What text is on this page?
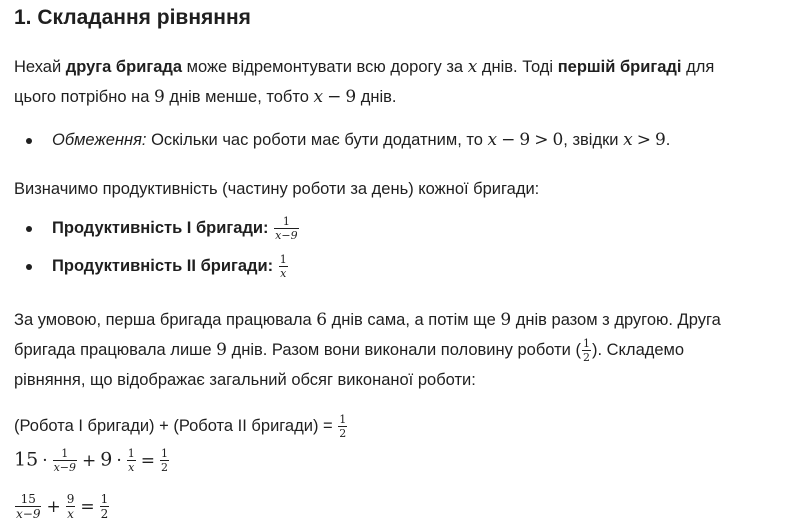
1. Складання рівняння

Нехай друга бригада може відремонтувати всю дорогу за x днів. Тоді першій бригаді для
цього потрібно на 9 днів менше, тобто x − 9 днів.

Обмеження: Оскільки час роботи має бути додатним, то x − 9 > 0, звідки x > 9.

Визначимо продуктивність (частину роботи за день) кожної бригади:

Продуктивність I бригади: $\frac{1}{x-9}$
Продуктивність II бригади: $\frac{1}{x}$

За умовою, перша бригада працювала 6 днів сама, а потім ще 9 днів разом з другою. Друга
бригада працювала лише 9 днів. Разом вони виконали половину роботи ( $\frac{1}{2}$ ). Складемо
рівняння, що відображає загальний обсяг виконаної роботи:

(Робота I бригади) + (Робота II бригади) = $\frac{1}{2}$
$15 \cdot \frac{1}{x-9} + 9 \cdot \frac{1}{x} = \frac{1}{2}$
$\frac{15}{x-9} + \frac{9}{x} = \frac{1}{2}$
